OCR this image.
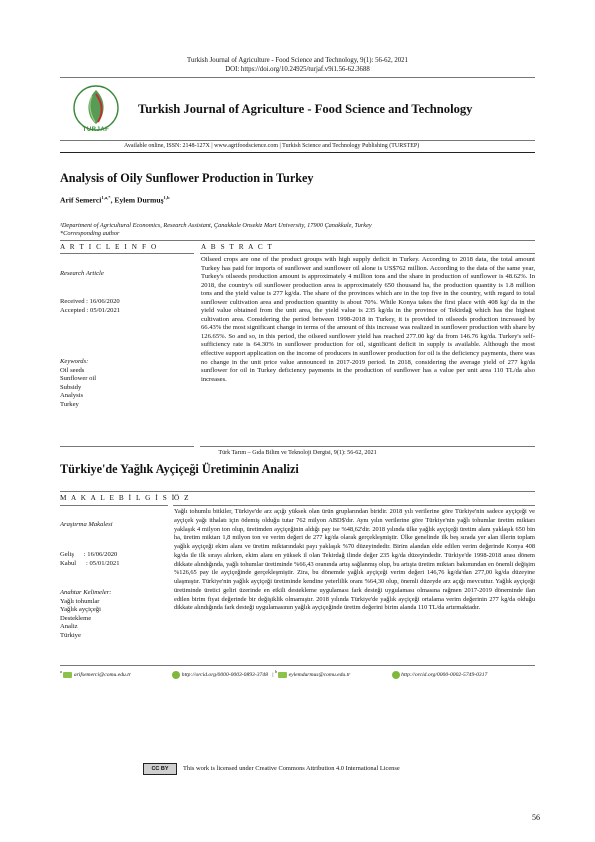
Turkish Journal of Agriculture - Food Science and Technology, 9(1): 56-62, 2021
DOI: https://doi.org/10.24925/turjaf.v9i1.56-62.3688
TURJAF
Turkish Journal of Agriculture - Food Science and Technology
Available online, ISSN: 2148-127X | www.agrifoodscience.com | Turkish Science and Technology Publishing (TURSTEP)
Analysis of Oily Sunflower Production in Turkey
Arif Semerci$^{1,a,*}$, Eylem Durmuş$^{1,b}$
¹Department of Agricultural Economics, Research Assistant, Çanakkale Onsekiz Mart University, 17900 Çanakkale, Turkey
*Corresponding author
A R T I C L E I N F O	A B S T R A C T
Research Article
Received : 16/06/2020
Accepted : 05/01/2021
Keywords:
Oil seeds
Sunflower oil
Subsidy
Analysis
Turkey
Oilseed crops are one of the product groups with high supply deficit in Turkey. According to 2018 data, the total amount Turkey has paid for imports of sunflower and sunflower oil alone is US$762 million. According to the data of the same year, Turkey's oilseeds production amount is approximately 4 million tons and the share in production of sunflower is 48.62%. In 2018, the country's oil sunflower production area is approximately 650 thousand ha, the production quantity is 1.8 million tons and the yield value is 277 kg/da. The share of the provinces which are in the top five in the country, with regard to total sunflower cultivation area and production quantity is about 70%. While Konya takes the first place with 408 kg/ da in the yield value obtained from the unit area, the yield value is 235 kg/da in the province of Tekirdağ which has the highest cultivation area. Considering the period between 1998-2018 in Turkey, it is provided in oilseeds production increased by 66.43% the most significant change in terms of the amount of this increase was realized in sunflower production with share by 126.65%. So and so, in this period, the oilseed sunflower yield has reached 277.00 kg/ da from 146.76 kg/da. Turkey's self-sufficiency rate is 64.30% in sunflower production for oil, significant deficit in supply is available. Although the most effective support application on the income of producers in sunflower production for oil is the deficiency payments, there was no change in the unit price value announced in 2017-2019 period. In 2018, considering the average yield of 277 kg/da sunflower for oil in Turkey deficiency payments in the production of sunflower has a value per unit area 110 TL/da also increases.
Türk Tarım – Gıda Bilim ve Teknoloji Dergisi, 9(1): 56-62, 2021
Türkiye'de Yağlık Ayçiçeği Üretiminin Analizi
M A K A L E B İ L G İ S İ
Ö Z
Araştırma Makalesi
Geliş      : 16/06/2020
Kabul      : 05/01/2021
Anahtar Kelimeler:
Yağlı tohumlar
Yağlık ayçiçeği
Destekleme
Analiz
Türkiye
Yağlı tohumlu bitkiler, Türkiye'de arz açığı yüksek olan ürün gruplarından biridir. 2018 yılı verilerine göre Türkiye'nin sadece ayçiçeği ve ayçiçek yağı ithalatı için ödemiş olduğu tutar 762 milyon ABD$'dır. Aynı yılın verilerine göre Türkiye'nin yağlı tohumlar üretim miktarı yaklaşık 4 milyon ton olup, üretimden ayçiçeğinin aldığı pay ise %48,62'dir. 2018 yılında ülke yağlık ayçiçeği üretim alanı yaklaşık 650 bin ha, üretim miktarı 1,8 milyon ton ve verim değeri de 277 kg/da olarak gerçekleşmiştir. Ülke genelinde ilk beş sırada yer alan illerin toplam yağlık ayçiçeği ekim alanı ve üretim miktarındaki payı yaklaşık %70 düzeyindedir. Birim alandan elde edilen verim değerinde Konya 408 kg/da ile ilk sırayı alırken, ekim alanı en yüksek il olan Tekirdağ ilinde değer 235 kg/da düzeyindedir. Türkiye'de 1998-2018 arası dönem dikkate alındığında, yağlı tohumlar üretiminde %66,43 oranında artış sağlanmış olup, bu artışta üretim miktarı bakımından en önemli değişim %126,65 pay ile ayçiçeğinde gerçekleşmiştir. Zira, bu dönemde yağlık ayçiçeği verim değeri 146,76 kg/da'dan 277,00 kg/da düzeyine ulaşmıştır. Türkiye'nin yağlık ayçiçeği üretiminde kendine yeterlilik oranı %64,30 olup, önemli düzeyde arz açığı mevcuttur. Yağlık ayçiçeği üretiminde üretici geliri üzerinde en etkili destekleme uygulaması fark desteği uygulaması olmasına rağmen 2017-2019 döneminde ilan edilen birim fiyat değerinde bir değişiklik olmamıştır. 2018 yılında Türkiye'de yağlık ayçiçeği ortalama verim değerinin 277 kg/da olduğu dikkate alındığında fark desteği uygulamasının yağlık ayçiçeğinde üretim değerini birim alanda 110 TL/da artırmaktadır.
$^a$  arifsemerci@comu.edu.tr	http://orcid.org/0000-0003-0893-3748 | $^b$  eylemdurmus@comu.edu.tr	http://orcid.org/0000-0002-5749-0317
CC BY	This work is licensed under Creative Commons Attribution 4.0 International License
56
